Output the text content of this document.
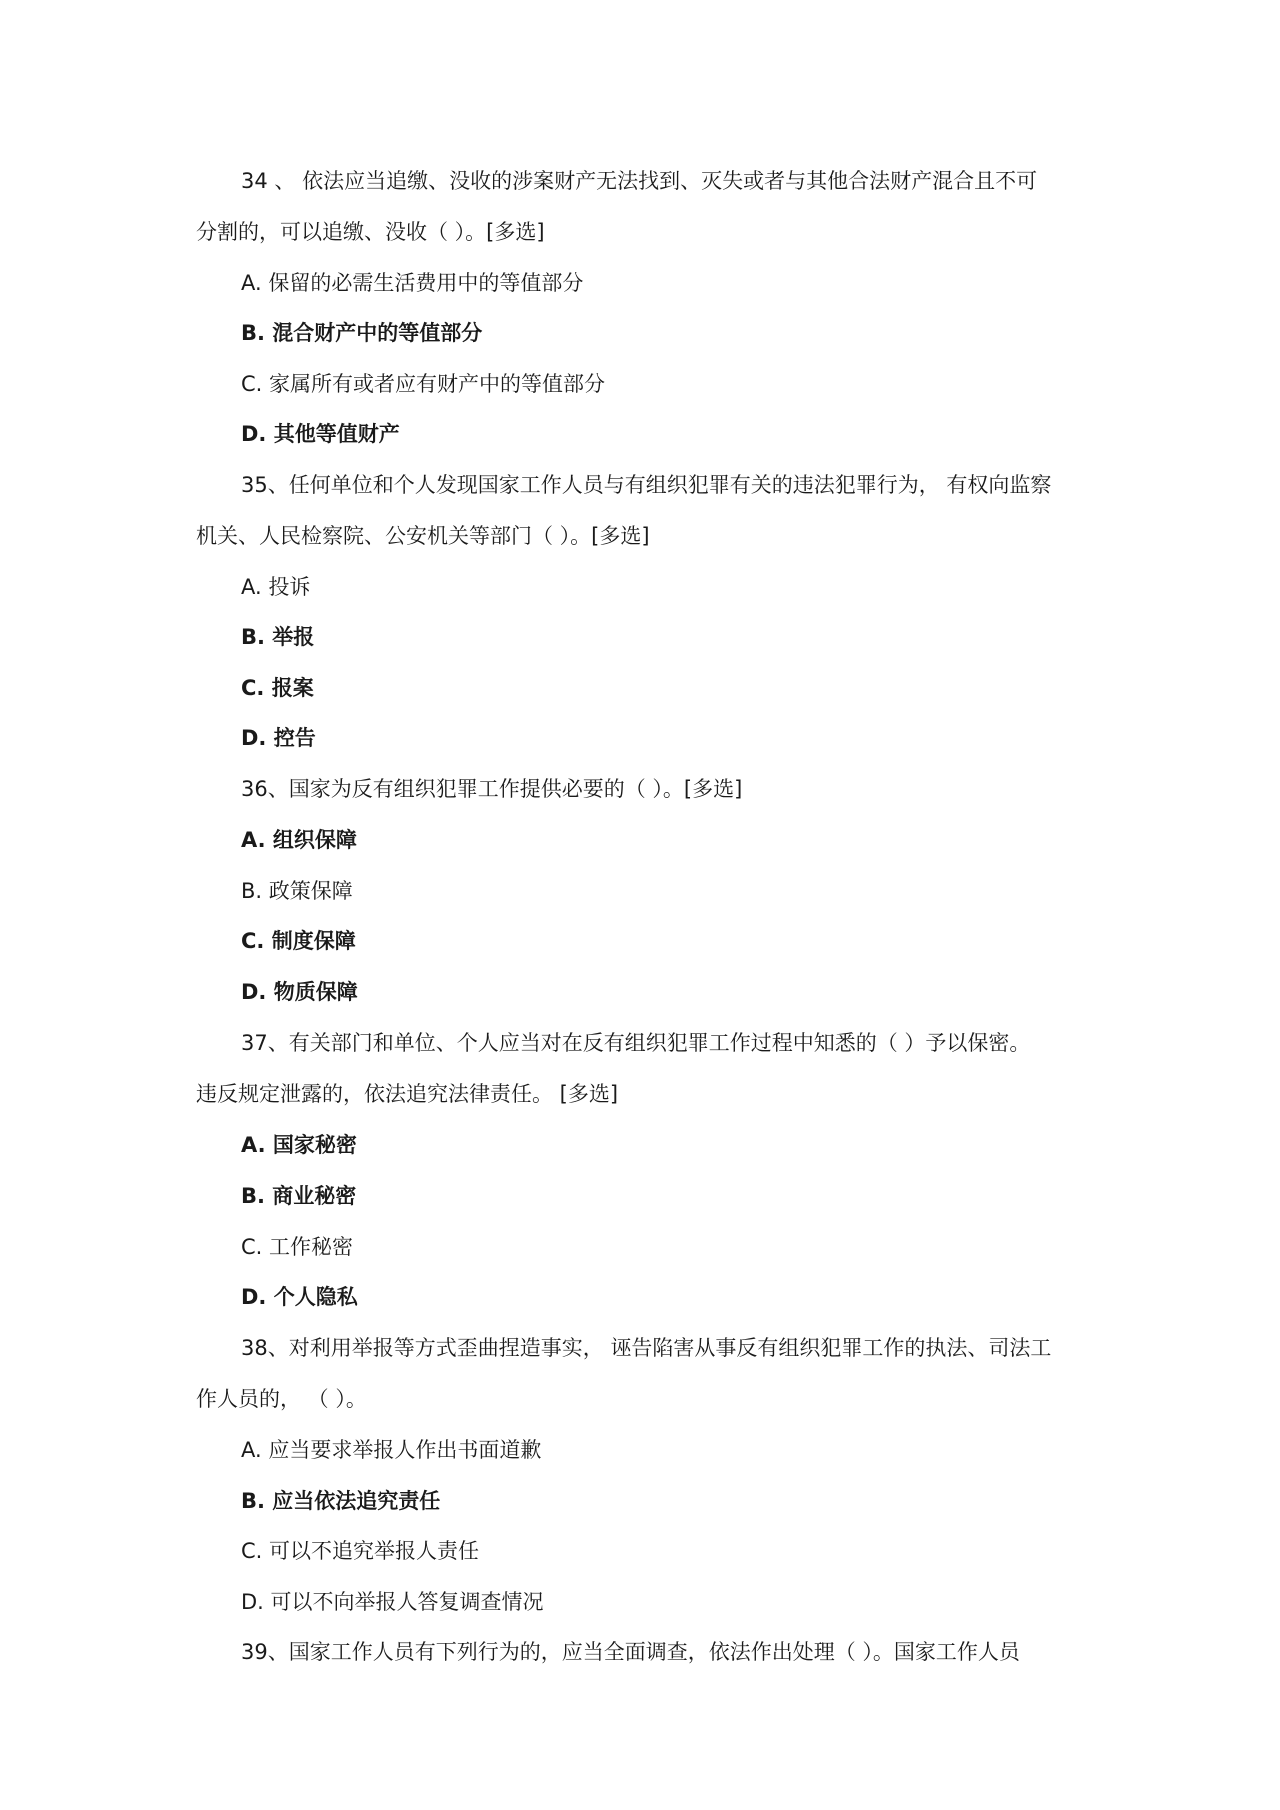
34 、 依法应当追缴、没收的涉案财产无法找到、灭失或者与其他合法财产混合且不可
分割的，可以追缴、没收（ ）。[多选]
A. 保留的必需生活费用中的等值部分
B. 混合财产中的等值部分
C. 家属所有或者应有财产中的等值部分
D. 其他等值财产
35、任何单位和个人发现国家工作人员与有组织犯罪有关的违法犯罪行为， 有权向监察
机关、人民检察院、公安机关等部门（ ）。[多选]
A. 投诉
B. 举报
C. 报案
D. 控告
36、国家为反有组织犯罪工作提供必要的（ ）。[多选]
A. 组织保障
B. 政策保障
C. 制度保障
D. 物质保障
37、有关部门和单位、个人应当对在反有组织犯罪工作过程中知悉的（ ）予以保密。
违反规定泄露的，依法追究法律责任。 [多选]
A. 国家秘密
B. 商业秘密
C. 工作秘密
D. 个人隐私
38、对利用举报等方式歪曲捏造事实， 诬告陷害从事反有组织犯罪工作的执法、司法工
作人员的， （ ）。
A. 应当要求举报人作出书面道歉
B. 应当依法追究责任
C. 可以不追究举报人责任
D. 可以不向举报人答复调查情况
39、国家工作人员有下列行为的，应当全面调查，依法作出处理（ ）。国家工作人员
